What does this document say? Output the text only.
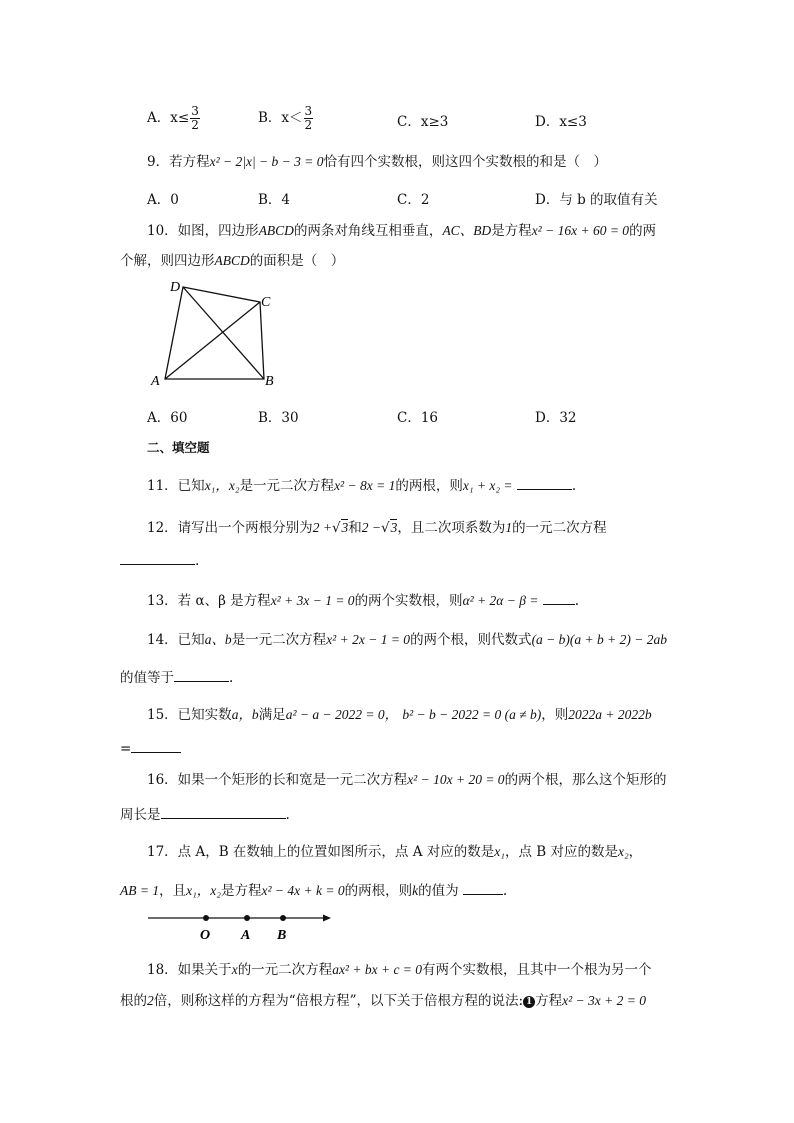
A．$x\le \frac{3}{2}$	B．$x< \frac{3}{2}$	C．x≥3	D．x≤3
9．若方程x² − 2|x| − b − 3 = 0恰有四个实数根，则这四个实数根的和是（　）
A．0	B．4	C．2	D．与 b 的取值有关
10．如图，四边形ABCD的两条对角线互相垂直，AC、BD是方程x² − 16x + 60 = 0的两
个解，则四边形ABCD的面积是（　）
D
C
A	B
A．60	B．30	C．16	D．32
二、填空题
11．已知x₁，x₂是一元二次方程x² − 8x = 1的两根，则x₁ + x₂ =	.
12．请写出一个两根分别为2 +√3和2 −√3，且二次项系数为1的一元二次方程
.
13．若 α、β 是方程x² + 3x − 1 = 0的两个实数根，则α² + 2α − β =	.
14．已知a、b是一元二次方程x² + 2x − 1 = 0的两个根，则代数式(a − b)(a + b + 2) − 2ab
的值等于	.
15．已知实数a，b满足a² − a − 2022 = 0， b² − b − 2022 = 0 (a ≠ b)，则2022a + 2022b
=
16．如果一个矩形的长和宽是一元二次方程x² − 10x + 20 = 0的两个根，那么这个矩形的
周长是	.
17．点 A，B 在数轴上的位置如图所示，点 A 对应的数是x₁，点 B 对应的数是x₂，
AB = 1，且x₁，x₂是方程x² − 4x + k = 0的两根，则k的值为	.
O A B
18．如果关于x的一元二次方程ax² + bx + c = 0有两个实数根，且其中一个根为另一个
根的2倍，则称这样的方程为“倍根方程”，以下关于倍根方程的说法: 1 方程x² − 3x + 2 = 0
